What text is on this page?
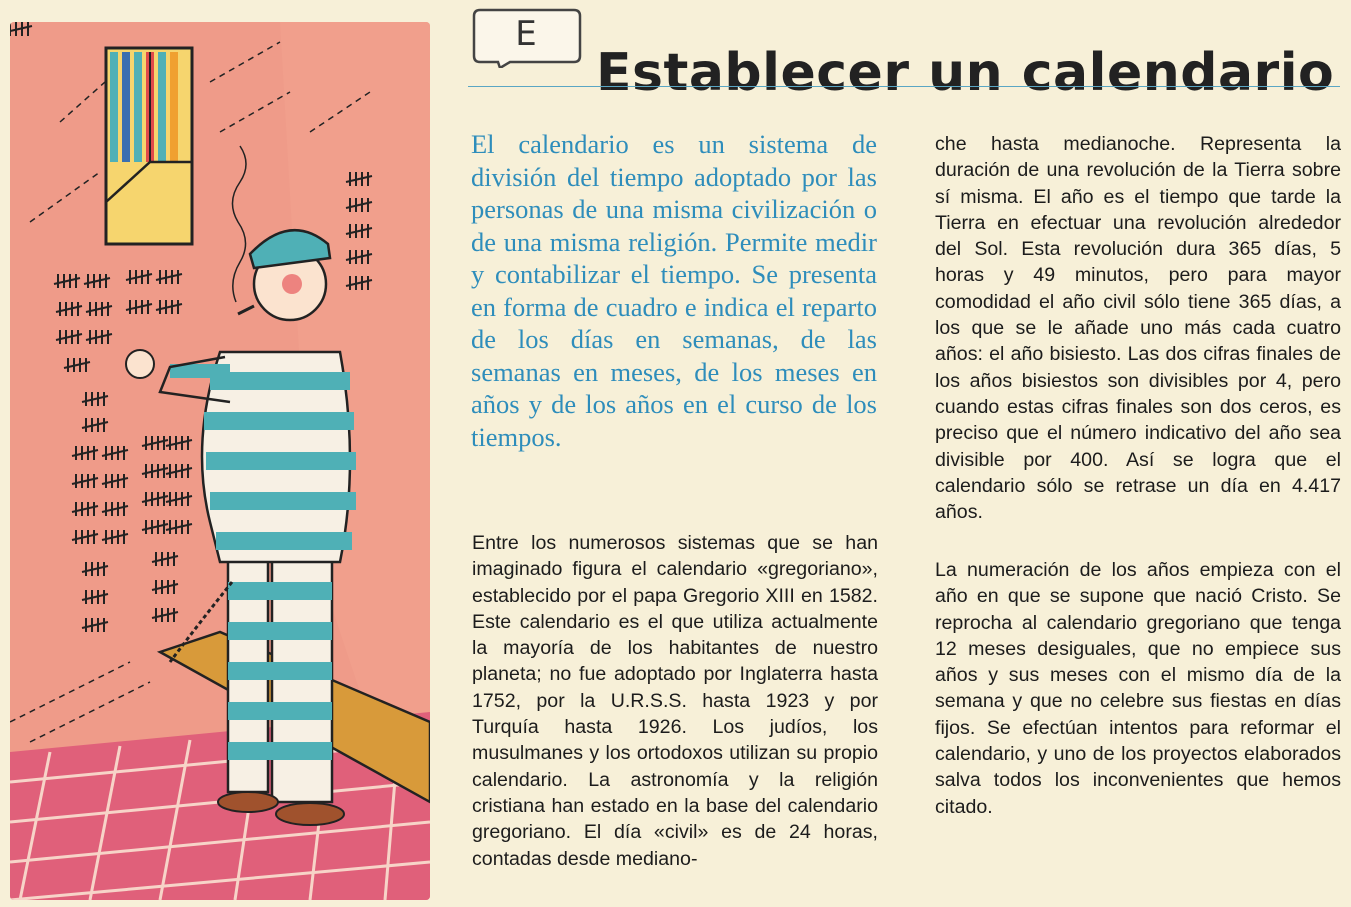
E
Establecer un calendario

El calendario es un sistema de división del tiempo adoptado por las personas de una misma civilización o de una misma religión. Permite medir y contabilizar el tiempo. Se presenta en forma de cuadro e indica el reparto de los días en semanas, de las semanas en meses, de los meses en años y de los años en el curso de los tiempos.

Entre los numerosos sistemas que se han imaginado figura el calendario «gregoriano», establecido por el papa Gregorio XIII en 1582. Este calendario es el que utiliza actualmente la mayoría de los habitantes de nuestro planeta; no fue adoptado por Inglaterra hasta 1752, por la U.R.S.S. hasta 1923 y por Turquía hasta 1926. Los judíos, los musulmanes y los ortodoxos utilizan su propio calendario. La astronomía y la religión cristiana han estado en la base del calendario gregoriano. El día «civil» es de 24 horas, contadas desde mediano-

che hasta medianoche. Representa la duración de una revolución de la Tierra sobre sí misma. El año es el tiempo que tarde la Tierra en efectuar una revolución alrededor del Sol. Esta revolución dura 365 días, 5 horas y 49 minutos, pero para mayor comodidad el año civil sólo tiene 365 días, a los que se le añade uno más cada cuatro años: el año bisiesto. Las dos cifras finales de los años bisiestos son divisibles por 4, pero cuando estas cifras finales son dos ceros, es preciso que el número indicativo del año sea divisible por 400. Así se logra que el calendario sólo se retrase un día en 4.417 años.

La numeración de los años empieza con el año en que se supone que nació Cristo. Se reprocha al calendario gregoriano que tenga 12 meses desiguales, que no empiece sus años y sus meses con el mismo día de la semana y que no celebre sus fiestas en días fijos. Se efectúan intentos para reformar el calendario, y uno de los proyectos elaborados salva todos los inconvenientes que hemos citado.
